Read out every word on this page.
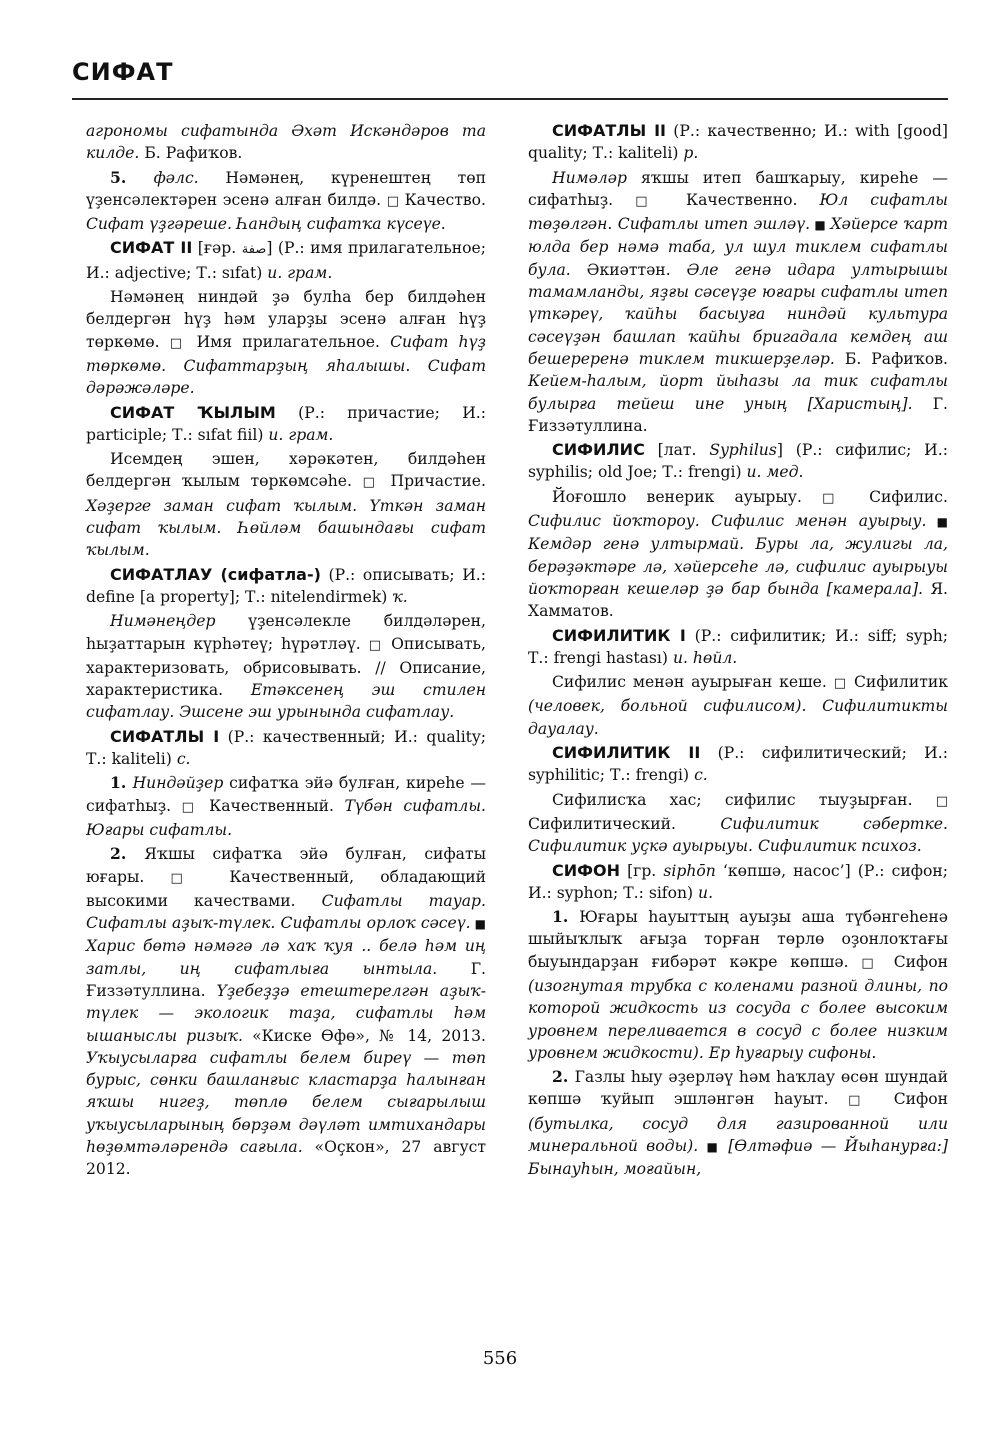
СИФАТ

агрономы сифатында Әхәт Искәндәров та килде. Б. Рафиҡов.

5. фәлс. Нәмәнең, күренештең төп үҙенсәлектәрен эсенә алған билдә. □ Качество. Сифат үҙгәреше. Һандың сифатҡа күсеүе.

СИФАТ II [ғәр. صفة] (Р.: имя прилагательное; И.: adjective; Т.: sıfat) и. грам.

Нәмәнең ниндәй ҙә булһа бер билдәһен белдергән һүҙ һәм уларҙы эсенә алған һүҙ төркөмө. □ Имя прилагательное. Сифат һүҙ төркөмө. Сифаттарҙың яһалышы. Сифат дәрәжәләре.

СИФАТ ҠЫЛЫМ (Р.: причастие; И.: participle; Т.: sıfat fiil) и. грам.

Исемдең эшен, хәрәкәтен, билдәһен белдергән ҡылым төркөмсәһе. □ Причастие. Хәҙерге заман сифат ҡылым. Үткән заман сифат ҡылым. Һөйләм башындағы сифат ҡылым.

СИФАТЛАУ (сифатла-) (Р.: описывать; И.: define [a property]; Т.: nitelendirmek) ҡ.

Нимәнеңдер үҙенсәлекле билдәләрен, һыҙаттарын күрһәтеү; һүрәтләү. □ Описывать, характеризовать, обрисовывать. // Описание, характеристика. Етәксенең эш стилен сифатлау. Эшсене эш урынында сифатлау.

СИФАТЛЫ I (Р.: качественный; И.: quality; Т.: kaliteli) с.

1. Ниндәйҙер сифатҡа эйә булған, киреһе — сифатһыҙ. □ Качественный. Түбән сифатлы. Юғары сифатлы.

2. Яҡшы сифатҡа эйә булған, сифаты юғары. □ Качественный, обладающий высокими качествами. Сифатлы тауар. Сифатлы аҙыҡ-түлек. Сифатлы орлоҡ сәсеү. ■ Харис бөтә нәмәгә лә хаҡ ҡуя .. белә һәм иң затлы, иң сифатлыға ынтыла. Г. Ғиззәтуллина. Үҙебеҙҙә етештерелгән аҙыҡ-түлек — экологик таҙа, сифатлы һәм ышаныслы ризыҡ. «Киске Өфө», № 14, 2013. Уҡыусыларға сифатлы белем биреү — төп бурыс, сөнки башланғыс кластарҙа һалынған яҡшы нигеҙ, төплө белем сығарылыш уҡыусыларының бөрҙәм дәүләт имтихандары һөҙөмтәләрендә сағыла. «Оҫкон», 27 август 2012.

СИФАТЛЫ II (Р.: качественно; И.: with [good] quality; Т.: kaliteli) р.

Нимәләр яҡшы итеп башҡарыу, киреһе — сифатһыҙ. □ Качественно. Юл сифатлы төҙөлгән. Сифатлы итеп эшләү. ■ Хәйерсе ҡарт юлда бер нәмә таба, ул шул тиклем сифатлы була. Әкиәттән. Әле генә идара ултырышы тамамланды, яҙғы сәсеүҙе юғары сифатлы итеп үткәреү, ҡайһы басыуға ниндәй культура сәсеүҙән башлап ҡайһы бригадала кемдең аш бешереренә тиклем тикшерҙеләр. Б. Рафиҡов. Кейем-һалым, йорт йыһазы ла тик сифатлы булырға тейеш ине уның [Харистың]. Г. Ғиззәтуллина.

СИФИЛИС [лат. Syphilus] (Р.: сифилис; И.: syphilis; old Joe; Т.: frengi) и. мед.

Йоғошло венерик ауырыу. □ Сифилис. Сифилис йоҡтороу. Сифилис менән ауырыу. ■ Кемдәр генә ултырмай. Буры ла, жулигы ла, берәҙәктәре лә, хәйерсеһе лә, сифилис ауырыуы йоҡторған кешеләр ҙә бар бында [камерала]. Я. Хамматов.

СИФИЛИТИК I (Р.: сифилитик; И.: siff; syph; Т.: frengi hastası) и. һөйл.

Сифилис менән ауырыған кеше. □ Сифилитик (человек, больной сифилисом). Сифилитикты дауалау.

СИФИЛИТИК II (Р.: сифилитический; И.: syphilitic; Т.: frengi) с.

Сифилисҡа хас; сифилис тыуҙырған. □ Сифилитический. Сифилитик сәбертке. Сифилитик уҫкә ауырыуы. Сифилитик психоз.

СИФОН [гр. siphōn ‘көпшә, насос’] (Р.: сифон; И.: syphon; Т.: sifon) и.

1. Юғары һауыттың ауыҙы аша түбәнгеһенә шыйыҡлыҡ ағыҙа торған төрлө оҙонлоҡтағы быуындарҙан ғибәрәт кәкре көпшә. □ Сифон (изогнутая трубка с коленами разной длины, по которой жидкость из сосуда с более высоким уровнем переливается в сосуд с более низким уровнем жидкости). Ер һуғарыу сифоны.

2. Газлы һыу әҙерләү һәм һаҡлау өсөн шундай көпшә ҡуйып эшләнгән һауыт. □ Сифон (бутылка, сосуд для газированной или минеральной воды). ■ [Өлтәфиә — Йыһанурға:] Бынауһын, моғайын,

556
